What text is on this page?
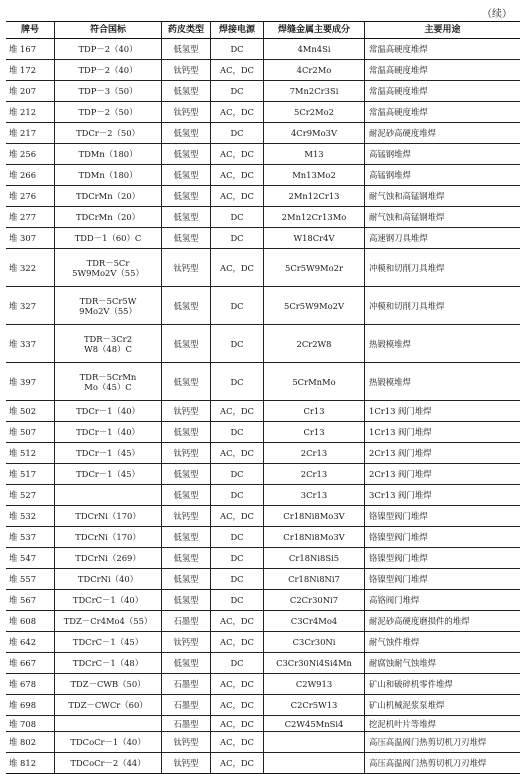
（续）
牌号	符合国标	药皮类型	焊接电源	焊缝金属主要成分	主要用途
堆 167	TDP－2（40）	低氢型	DC	4Mn4Si	常温高硬度堆焊
堆 172	TDP－2（40）	钛钙型	AC，DC	4Cr2Mo	常温高硬度堆焊
堆 207	TDP－3（50）	低氢型	DC	7Mn2Cr3Si	常温高硬度堆焊
堆 212	TDP－2（50）	钛钙型	AC，DC	5Cr2Mo2	常温高硬度堆焊
堆 217	TDCr－2（50）	低氢型	DC	4Cr9Mo3V	耐泥砂高硬度堆焊
堆 256	TDMn（180）	低氢型	AC，DC	M13	高锰钢堆焊
堆 266	TDMn（180）	低氢型	AC，DC	Mn13Mo2	高锰钢堆焊
堆 276	TDCrMn（20）	低氢型	AC，DC	2Mn12Cr13	耐气蚀和高锰钢堆焊
堆 277	TDCrMn（20）	低氢型	DC	2Mn12Cr13Mo	耐气蚀和高锰钢堆焊
堆 307	TDD－1（60）C	低氢型	DC	W18Cr4V	高速钢刀具堆焊
堆 322	TDR－5Cr
5W9Mo2V（55）	钛钙型	AC，DC	5Cr5W9Mo2r	冲模和切削刀具堆焊
堆 327	TDR－5Cr5W
9Mo2V（55）	低氢型	DC	5Cr5W9Mo2V	冲模和切削刀具堆焊
堆 337	TDR－3Cr2
W8（48）C	低氢型	DC	2Cr2W8	热锻模堆焊
堆 397	TDR－5CrMn
Mo（45）C	低氢型	DC	5CrMnMo	热锻模堆焊
堆 502	TDCr－1（40）	钛钙型	AC，DC	Cr13	1Cr13 阀门堆焊
堆 507	TDCr－1（40）	低氢型	DC	Cr13	1Cr13 阀门堆焊
堆 512	TDCr－1（45）	钛钙型	AC，DC	2Cr13	2Cr13 阀门堆焊
堆 517	TDCr－1（45）	低氢型	DC	2Cr13	2Cr13 阀门堆焊
堆 527		低氢型	DC	3Cr13	3Cr13 阀门堆焊
堆 532	TDCrNi（170）	钛钙型	AC，DC	Cr18Ni8Mo3V	铬镍型阀门堆焊
堆 537	TDCrNi（170）	低氢型	DC	Cr18Ni8Mo3V	铬镍型阀门堆焊
堆 547	TDCrNi（269）	低氢型	DC	Cr18Ni8Si5	铬镍型阀门堆焊
堆 557	TDCrNi（40）	低氢型	DC	Cr18Ni8Ni7	铬镍型阀门堆焊
堆 567	TDCrC－1（40）	低氢型	DC	C2Cr30Ni7	高铬阀门堆焊
堆 608	TDZ－Cr4Mo4（55）	石墨型	AC，DC	C3Cr4Mo4	耐泥砂高硬度磨损件的堆焊
堆 642	TDCrC－1（45）	钛钙型	AC，DC	C3Cr30Ni	耐气蚀件堆焊
堆 667	TDCrC－1（48）	低氢型	DC	C3Cr30Ni4Si4Mn	耐腐蚀耐气蚀堆焊
堆 678	TDZ－CWB（50）	石墨型	AC，DC	C2W913	矿山和破碎机零件堆焊
堆 698	TDZ－CWCr（60）	石墨型	AC，DC	C2Cr5W13	矿山机械泥浆泵堆焊
堆 708		石墨型	AC，DC	C2W45MnSi4	挖泥机叶片等堆焊
堆 802	TDCoCr－1（40）	钛钙型	AC，DC		高压高温阀门热剪切机刀刃堆焊
堆 812	TDCoCr－2（44）	钛钙型	AC，DC		高压高温阀门热剪切机刀刃堆焊
